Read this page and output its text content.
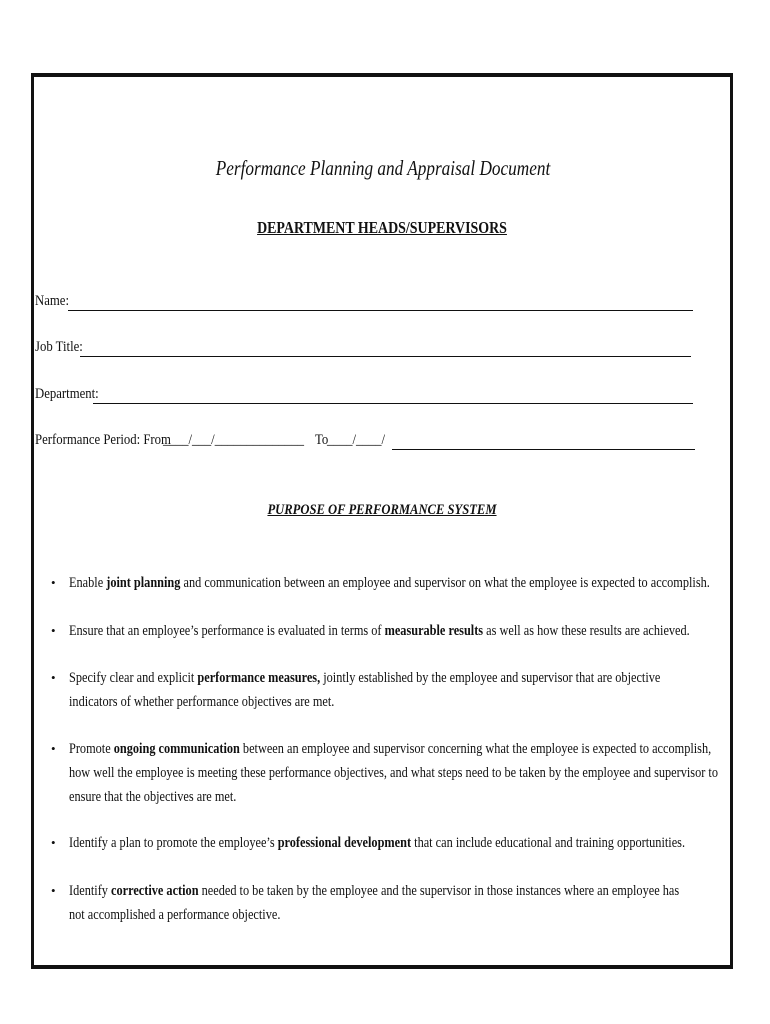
Performance Planning and Appraisal Document
DEPARTMENT HEADS/SUPERVISORS
Name:
Job Title:
Department:
Performance Period: From
____/___/______________ To
____/____/
PURPOSE OF PERFORMANCE SYSTEM
• Enable joint planning and communication between an employee and supervisor on what the employee is expected to accomplish.
• Ensure that an employee’s performance is evaluated in terms of measurable results as well as how these results are achieved.
• Specify clear and explicit performance measures, jointly established by the employee and supervisor that are objective indicators of whether performance objectives are met.
• Promote ongoing communication between an employee and supervisor concerning what the employee is expected to accomplish, how well the employee is meeting these performance objectives, and what steps need to be taken by the employee and supervisor to ensure that the objectives are met.
• Identify a plan to promote the employee’s professional development that can include educational and training opportunities.
• Identify corrective action needed to be taken by the employee and the supervisor in those instances where an employee has not accomplished a performance objective.
